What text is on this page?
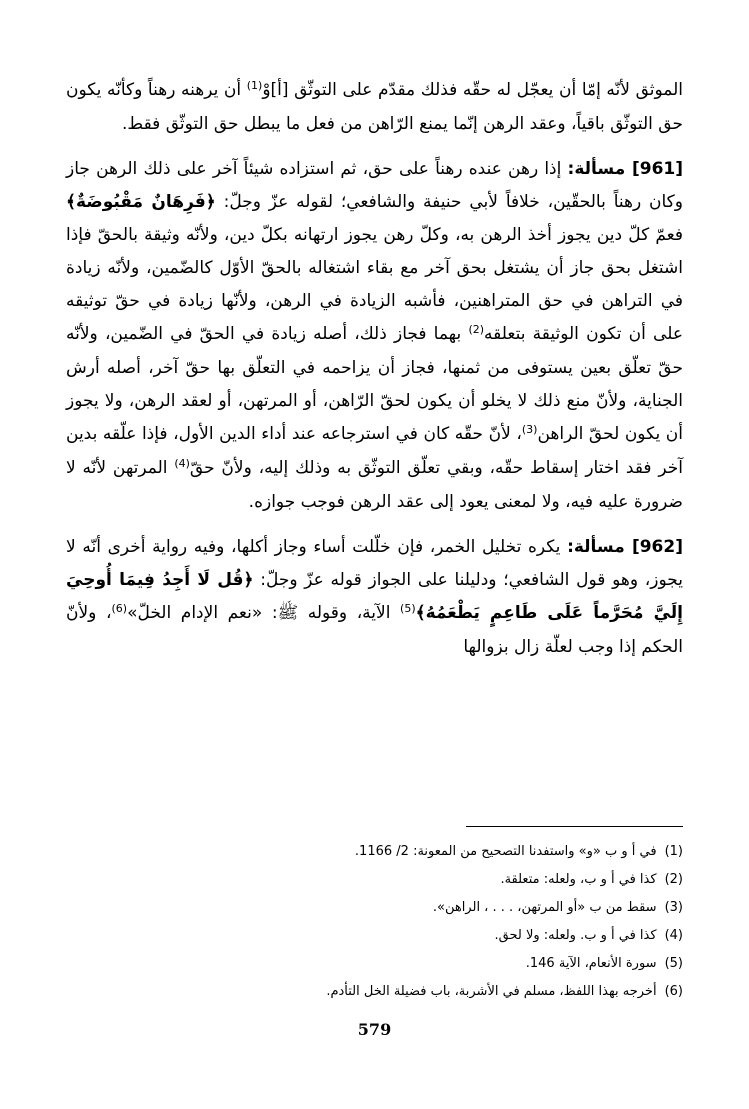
الموثق لأنّه إمّا أن يعجّل له حقّه فذلك مقدّم على التوثّق [أ]وْ$^{(1)}$ أن يرهنه رهناً وكأنّه يكون حق التوثّق باقياً، وعقد الرهن إنّما يمنع الرّاهن من فعل ما يبطل حق التوثّق فقط.

[961] مسألة: إذا رهن عنده رهناً على حق، ثم استزاده شيئاً آخر على ذلك الرهن جاز وكان رهناً بالحقّين، خلافاً لأبي حنيفة والشافعي؛ لقوله عزّ وجلّ: ﴿فَرِهَانٌ مَقْبُوضَةٌ﴾ فعمّ كلّ دين يجوز أخذ الرهن به، وكلّ رهن يجوز ارتهانه بكلّ دين، ولأنّه وثيقة بالحقّ فإذا اشتغل بحق جاز أن يشتغل بحق آخر مع بقاء اشتغاله بالحقّ الأوّل كالضّمين، ولأنّه زيادة في التراهن في حق المتراهنين، فأشبه الزيادة في الرهن، ولأنّها زيادة في حقّ توثيقه على أن تكون الوثيقة بتعلقه$^{(2)}$ بهما فجاز ذلك، أصله زيادة في الحقّ في الضّمين، ولأنّه حقّ تعلّق بعين يستوفى من ثمنها، فجاز أن يزاحمه في التعلّق بها حقّ آخر، أصله أرش الجناية، ولأنّ منع ذلك لا يخلو أن يكون لحقّ الرّاهن، أو المرتهن، أو لعقد الرهن، ولا يجوز أن يكون لحقّ الراهن$^{(3)}$، لأنّ حقّه كان في استرجاعه عند أداء الدين الأول، فإذا علّقه بدين آخر فقد اختار إسقاط حقّه، وبقي تعلّق التوثّق به وذلك إليه، ولأنّ حقّ$^{(4)}$ المرتهن لأنّه لا ضرورة عليه فيه، ولا لمعنى يعود إلى عقد الرهن فوجب جوازه.

[962] مسألة: يكره تخليل الخمر، فإن خلّلت أساء وجاز أكلها، وفيه رواية أخرى أنّه لا يجوز، وهو قول الشافعي؛ ودليلنا على الجواز قوله عزّ وجلّ: ﴿قُل لَا أَجِدُ فِيمَا أُوحِيَ إِلَيَّ مُحَرَّماً عَلَى طَاعِمٍ يَطْعَمُهُ﴾$^{(5)}$ الآية، وقوله ﷺ: «نعم الإدام الخلّ»$^{(6)}$، ولأنّ الحكم إذا وجب لعلّة زال بزوالها

(1)
في أ و ب «و» واستفدنا التصحيح من المعونة: 2/ 1166.
(2)
كذا في أ و ب، ولعله: متعلقة.
(3)
سقط من ب «أو المرتهن، . . . ، الراهن».
(4)
كذا في أ و ب. ولعله: ولا لحق.
(5)
سورة الأنعام، الآية 146.
(6)
أخرجه بهذا اللفظ، مسلم في الأشربة، باب فضيلة الخل التأدم.
579
